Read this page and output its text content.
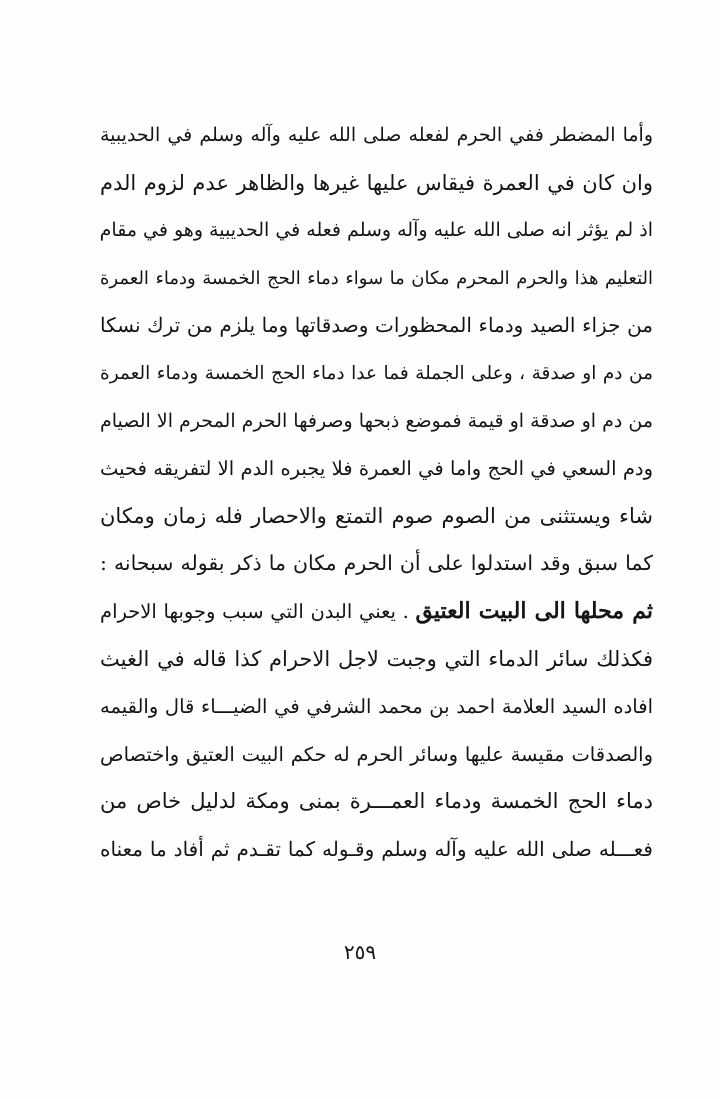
وأما المضطر ففي الحرم لفعله صلى الله عليه وآله وسلم في الحديبية
وان كان في العمرة فيقاس عليها غيرها والظاهر عدم لزوم الدم
اذ لم يؤثر انه صلى الله عليه وآله وسلم فعله في الحديبية وهو في مقام
التعليم هذا والحرم المحرم مكان ما سواء دماء الحج الخمسة ودماء العمرة
من جزاء الصيد ودماء المحظورات وصدقاتها وما يلزم من ترك نسكا
من دم او صدقة ، وعلى الجملة فما عدا دماء الحج الخمسة ودماء العمرة
من دم او صدقة او قيمة فموضع ذبحها وصرفها الحرم المحرم الا الصيام
ودم السعي في الحج واما في العمرة فلا يجبره الدم الا لتفريقه فحيث
شاء ويستثنى من الصوم صوم التمتع والاحصار فله زمان ومكان
كما سبق وقد استدلوا على أن الحرم مكان ما ذكر بقوله سبحانه :
ثم محلها الى البيت العتيق . يعني البدن التي سبب وجوبها الاحرام
فكذلك سائر الدماء التي وجبت لاجل الاحرام كذا قاله في الغيث
افاده السيد العلامة احمد بن محمد الشرفي في الضيـــاء قال والقيمه
والصدقات مقيسة عليها وسائر الحرم له حكم البيت العتيق واختصاص
دماء الحج الخمسة ودماء العمـــرة بمنى ومكة لدليل خاص من
فعـــله صلى الله عليه وآله وسلم وقـوله كما تقـدم ثم أفاد ما معناه
٢٥٩
